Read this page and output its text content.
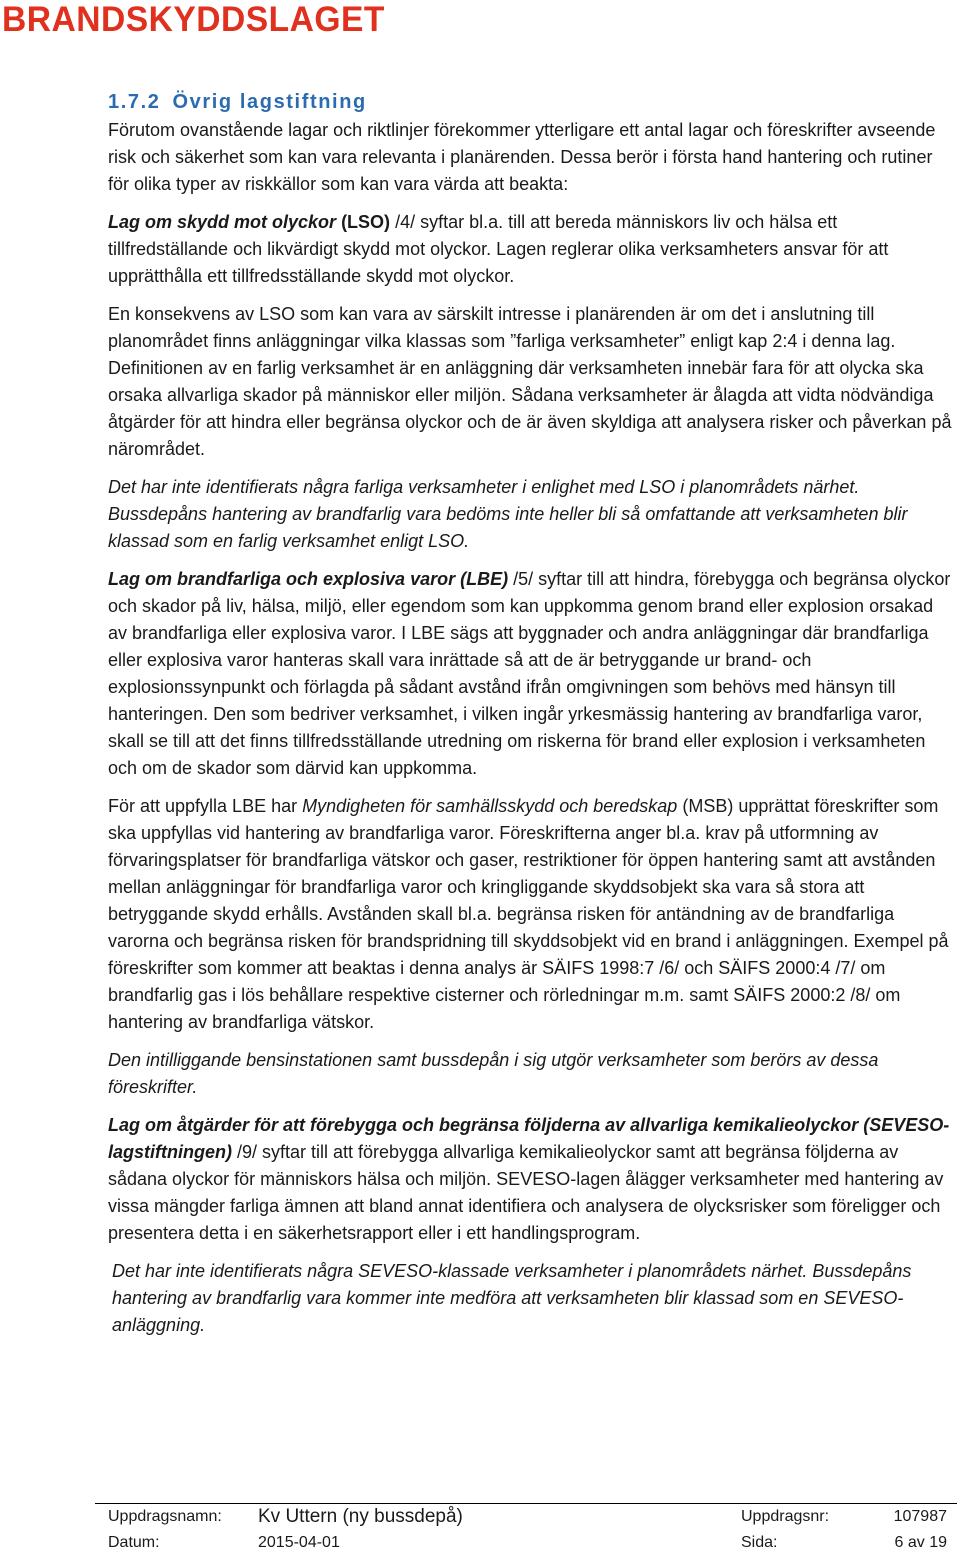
BRANDSKYDDSLAGET
1.7.2 Övrig lagstiftning

Förutom ovanstående lagar och riktlinjer förekommer ytterligare ett antal lagar och föreskrifter avseende risk och säkerhet som kan vara relevanta i planärenden. Dessa berör i första hand hantering och rutiner för olika typer av riskkällor som kan vara värda att beakta:

Lag om skydd mot olyckor (LSO) /4/ syftar bl.a. till att bereda människors liv och hälsa ett tillfredställande och likvärdigt skydd mot olyckor. Lagen reglerar olika verksamheters ansvar för att upprätthålla ett tillfredsställande skydd mot olyckor.

En konsekvens av LSO som kan vara av särskilt intresse i planärenden är om det i anslutning till planområdet finns anläggningar vilka klassas som ”farliga verksamheter” enligt kap 2:4 i denna lag. Definitionen av en farlig verksamhet är en anläggning där verksamheten innebär fara för att olycka ska orsaka allvarliga skador på människor eller miljön. Sådana verksamheter är ålagda att vidta nödvändiga åtgärder för att hindra eller begränsa olyckor och de är även skyldiga att analysera risker och påverkan på närområdet.

Det har inte identifierats några farliga verksamheter i enlighet med LSO i planområdets närhet. Bussdepåns hantering av brandfarlig vara bedöms inte heller bli så omfattande att verksamheten blir klassad som en farlig verksamhet enligt LSO.

Lag om brandfarliga och explosiva varor (LBE) /5/ syftar till att hindra, förebygga och begränsa olyckor och skador på liv, hälsa, miljö, eller egendom som kan uppkomma genom brand eller explosion orsakad av brandfarliga eller explosiva varor. I LBE sägs att byggnader och andra anläggningar där brandfarliga eller explosiva varor hanteras skall vara inrättade så att de är betryggande ur brand- och explosionssynpunkt och förlagda på sådant avstånd ifrån omgivningen som behövs med hänsyn till hanteringen. Den som bedriver verksamhet, i vilken ingår yrkesmässig hantering av brandfarliga varor, skall se till att det finns tillfredsställande utredning om riskerna för brand eller explosion i verksamheten och om de skador som därvid kan uppkomma.

För att uppfylla LBE har Myndigheten för samhällsskydd och beredskap (MSB) upprättat föreskrifter som ska uppfyllas vid hantering av brandfarliga varor. Föreskrifterna anger bl.a. krav på utformning av förvaringsplatser för brandfarliga vätskor och gaser, restriktioner för öppen hantering samt att avstånden mellan anläggningar för brandfarliga varor och kringliggande skyddsobjekt ska vara så stora att betryggande skydd erhålls. Avstånden skall bl.a. begränsa risken för antändning av de brandfarliga varorna och begränsa risken för brandspridning till skyddsobjekt vid en brand i anläggningen. Exempel på föreskrifter som kommer att beaktas i denna analys är SÄIFS 1998:7 /6/ och SÄIFS 2000:4 /7/ om brandfarlig gas i lös behållare respektive cisterner och rörledningar m.m. samt SÄIFS 2000:2 /8/ om hantering av brandfarliga vätskor.

Den intilliggande bensinstationen samt bussdepån i sig utgör verksamheter som berörs av dessa föreskrifter.

Lag om åtgärder för att förebygga och begränsa följderna av allvarliga kemikalieolyckor (SEVESO-lagstiftningen) /9/ syftar till att förebygga allvarliga kemikalieolyckor samt att begränsa följderna av sådana olyckor för människors hälsa och miljön. SEVESO-lagen ålägger verksamheter med hantering av vissa mängder farliga ämnen att bland annat identifiera och analysera de olycksrisker som föreligger och presentera detta i en säkerhetsrapport eller i ett handlingsprogram.

Det har inte identifierats några SEVESO-klassade verksamheter i planområdets närhet. Bussdepåns hantering av brandfarlig vara kommer inte medföra att verksamheten blir klassad som en SEVESO-anläggning.

Uppdragsnamn: Kv Uttern (ny bussdepå)	Uppdragsnr:	107987
Datum:	2015-04-01	Sida:	6 av 19
